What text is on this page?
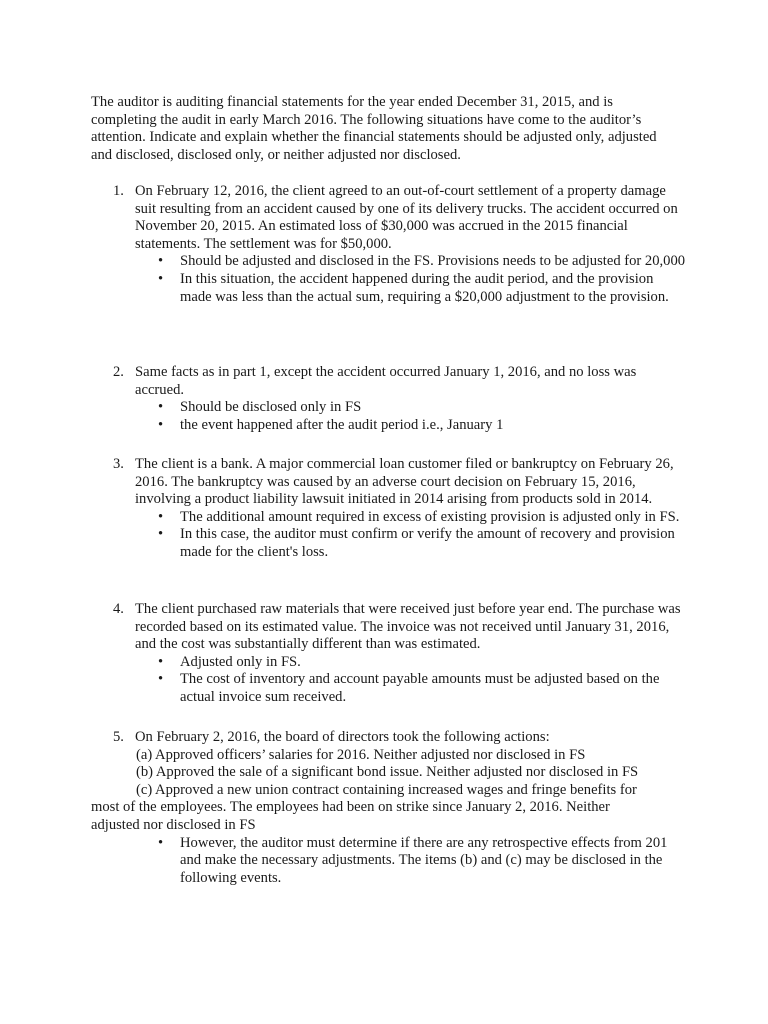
The auditor is auditing financial statements for the year ended December 31, 2015, and is completing the audit in early March 2016. The following situations have come to the auditor’s attention. Indicate and explain whether the financial statements should be adjusted only, adjusted and disclosed, disclosed only, or neither adjusted nor disclosed.

1. On February 12, 2016, the client agreed to an out-of-court settlement of a property damage suit resulting from an accident caused by one of its delivery trucks. The accident occurred on November 20, 2015. An estimated loss of $30,000 was accrued in the 2015 financial statements. The settlement was for $50,000.

• Should be adjusted and disclosed in the FS. Provisions needs to be adjusted for 20,000

• In this situation, the accident happened during the audit period, and the provision made was less than the actual sum, requiring a $20,000 adjustment to the provision.

2. Same facts as in part 1, except the accident occurred January 1, 2016, and no loss was accrued.

• Should be disclosed only in FS

• the event happened after the audit period i.e., January 1

3. The client is a bank. A major commercial loan customer filed or bankruptcy on February 26, 2016. The bankruptcy was caused by an adverse court decision on February 15, 2016, involving a product liability lawsuit initiated in 2014 arising from products sold in 2014.

• The additional amount required in excess of existing provision is adjusted only in FS.

• In this case, the auditor must confirm or verify the amount of recovery and provision made for the client's loss.

4. The client purchased raw materials that were received just before year end. The purchase was recorded based on its estimated value. The invoice was not received until January 31, 2016, and the cost was substantially different than was estimated.

• Adjusted only in FS.

• The cost of inventory and account payable amounts must be adjusted based on the actual invoice sum received.

5. On February 2, 2016, the board of directors took the following actions:

(a) Approved officers’ salaries for 2016. Neither adjusted nor disclosed in FS

(b) Approved the sale of a significant bond issue. Neither adjusted nor disclosed in FS

(c) Approved a new union contract containing increased wages and fringe benefits for most of the employees. The employees had been on strike since January 2, 2016. Neither adjusted nor disclosed in FS

• However, the auditor must determine if there are any retrospective effects from 201 and make the necessary adjustments. The items (b) and (c) may be disclosed in the following events.
